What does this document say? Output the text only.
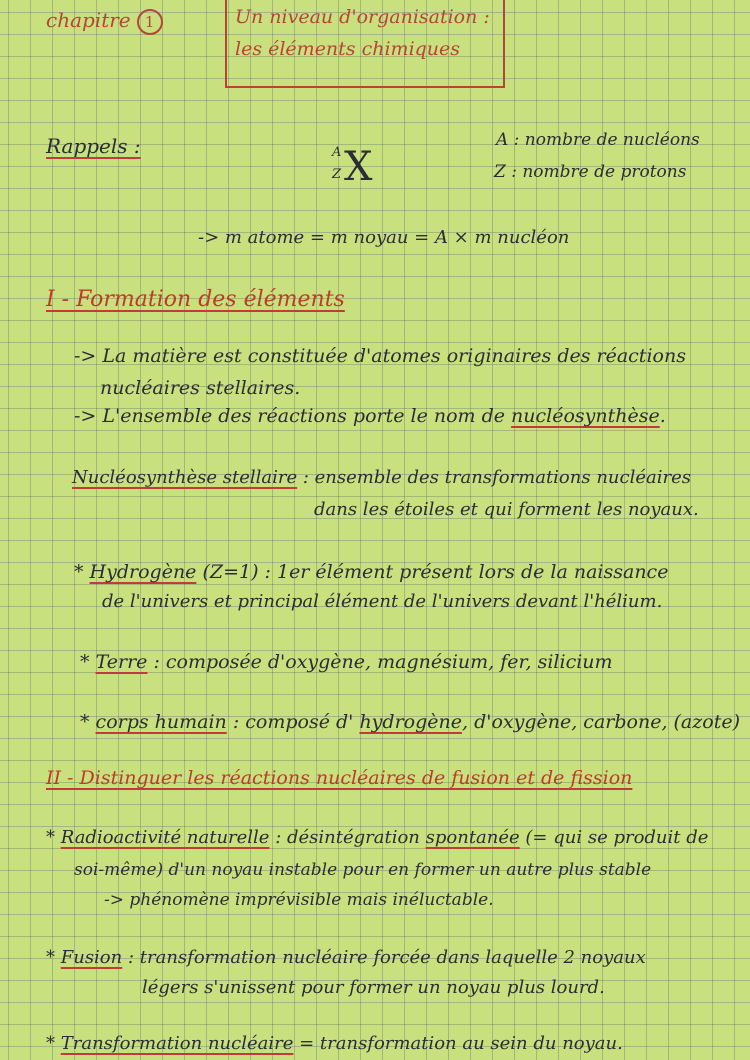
chapitre 1	Un niveau d'organisation :
les éléments chimiques
Rappels :	A
Z X
A : nombre de nucléons
Z : nombre de protons
-> m atome = m noyau = A × m nucléon
I - Formation des éléments
-> La matière est constituée d'atomes originaires des réactions
nucléaires stellaires.
-> L'ensemble des réactions porte le nom de nucléosynthèse.
Nucléosynthèse stellaire : ensemble des transformations nucléaires
dans les étoiles et qui forment les noyaux.
* Hydrogène (Z=1) : 1er élément présent lors de la naissance
de l'univers et principal élément de l'univers devant l'hélium.
* Terre : composée d'oxygène, magnésium, fer, silicium
* corps humain : composé d' hydrogène, d'oxygène, carbone, (azote)
II - Distinguer les réactions nucléaires de fusion et de fission
* Radioactivité naturelle : désintégration spontanée (= qui se produit de
soi-même) d'un noyau instable pour en former un autre plus stable
-> phénomène imprévisible mais inéluctable.
* Fusion : transformation nucléaire forcée dans laquelle 2 noyaux
légers s'unissent pour former un noyau plus lourd.
* Transformation nucléaire = transformation au sein du noyau.
